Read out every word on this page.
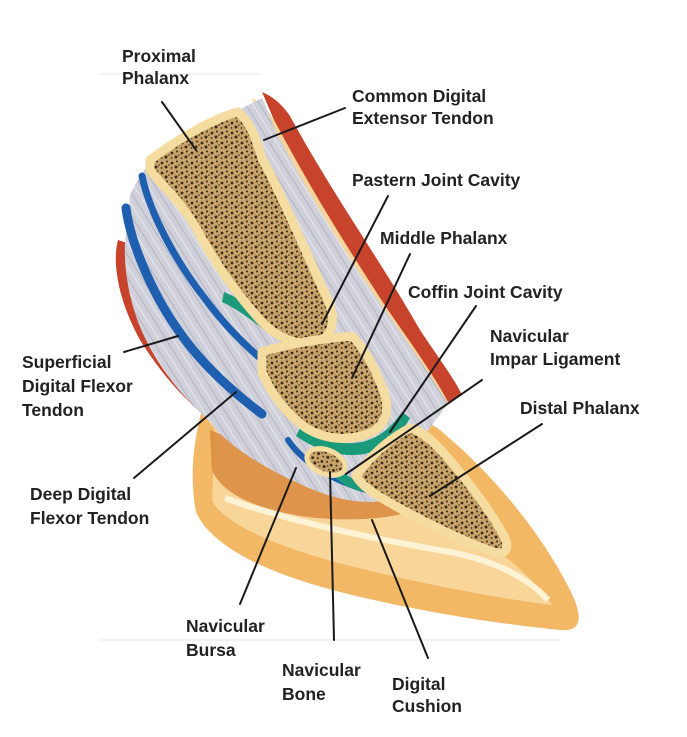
Proximal Phalanx
Common Digital Extensor Tendon
Pastern Joint Cavity
Middle Phalanx
Coffin Joint Cavity
Navicular Impar Ligament
Distal Phalanx
Superficial Digital Flexor Tendon
Deep Digital Flexor Tendon
Navicular Bursa
Navicular Bone	Digital Cushion
